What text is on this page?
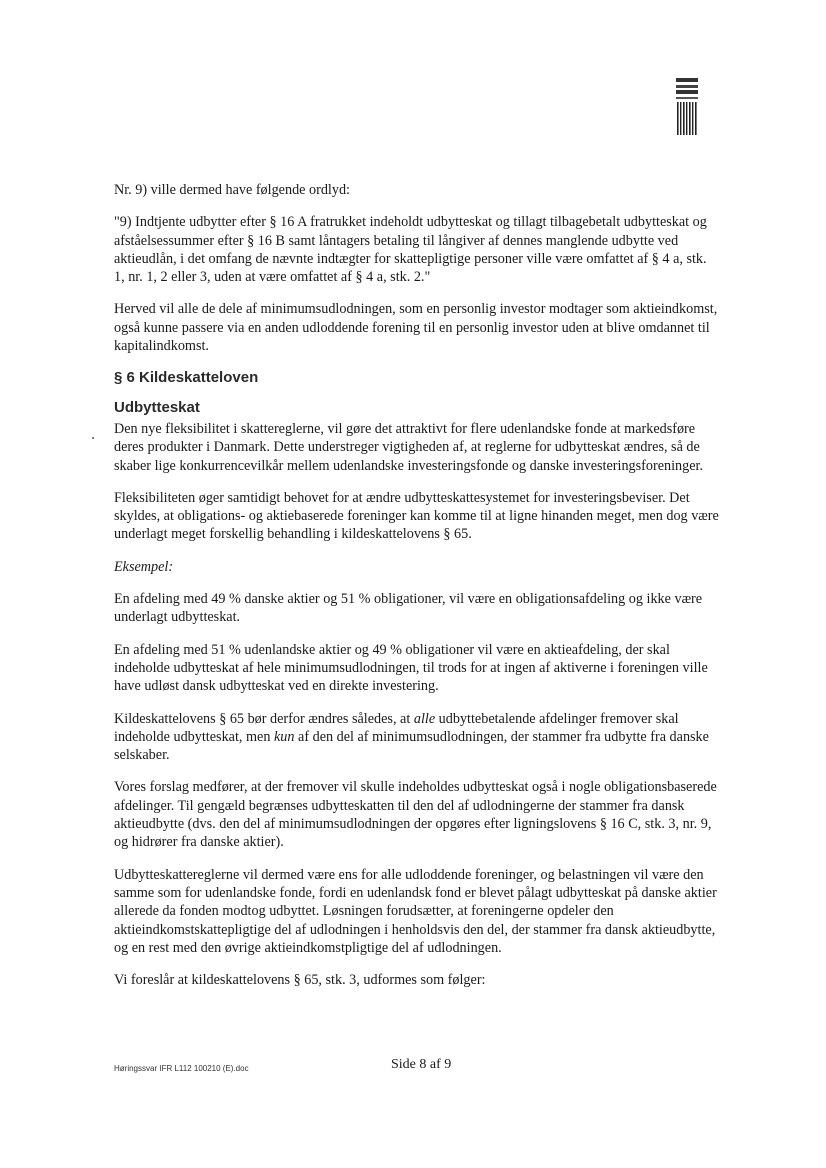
Nr. 9) ville dermed have følgende ordlyd:

"9) Indtjente udbytter efter § 16 A fratrukket indeholdt udbytteskat og tillagt tilbagebetalt udbytteskat og afståelsessummer efter § 16 B samt låntagers betaling til långiver af dennes manglende udbytte ved aktieudlån, i det omfang de nævnte indtægter for skattepligtige personer ville være omfattet af § 4 a, stk. 1, nr. 1, 2 eller 3, uden at være omfattet af § 4 a, stk. 2."

Herved vil alle de dele af minimumsudlodningen, som en personlig investor modtager som aktieindkomst, også kunne passere via en anden udloddende forening til en personlig investor uden at blive omdannet til kapitalindkomst.

§ 6 Kildeskatteloven
Udbytteskat

Den nye fleksibilitet i skattereglerne, vil gøre det attraktivt for flere udenlandske fonde at markedsføre deres produkter i Danmark. Dette understreger vigtigheden af, at reglerne for udbytteskat ændres, så de skaber lige konkurrencevilkår mellem udenlandske investeringsfonde og danske investeringsforeninger.

Fleksibiliteten øger samtidigt behovet for at ændre udbytteskattesystemet for investeringsbeviser. Det skyldes, at obligations- og aktiebaserede foreninger kan komme til at ligne hinanden meget, men dog være underlagt meget forskellig behandling i kildeskattelovens § 65.

Eksempel:

En afdeling med 49 % danske aktier og 51 % obligationer, vil være en obligationsafdeling og ikke være underlagt udbytteskat.

En afdeling med 51 % udenlandske aktier og 49 % obligationer vil være en aktieafdeling, der skal indeholde udbytteskat af hele minimumsudlodningen, til trods for at ingen af aktiverne i foreningen ville have udløst dansk udbytteskat ved en direkte investering.

Kildeskattelovens § 65 bør derfor ændres således, at alle udbyttebetalende afdelinger fremover skal indeholde udbytteskat, men kun af den del af minimumsudlodningen, der stammer fra udbytte fra danske selskaber.

Vores forslag medfører, at der fremover vil skulle indeholdes udbytteskat også i nogle obligationsbaserede afdelinger. Til gengæld begrænses udbytteskatten til den del af udlodningerne der stammer fra dansk aktieudbytte (dvs. den del af minimumsudlodningen der opgøres efter ligningslovens § 16 C, stk. 3, nr. 9, og hidrører fra danske aktier).

Udbytteskattereglerne vil dermed være ens for alle udloddende foreninger, og belastningen vil være den samme som for udenlandske fonde, fordi en udenlandsk fond er blevet pålagt udbytteskat på danske aktier allerede da fonden modtog udbyttet. Løsningen forudsætter, at foreningerne opdeler den aktieindkomstskattepligtige del af udlodningen i henholdsvis den del, der stammer fra dansk aktieudbytte, og en rest med den øvrige aktieindkomstpligtige del af udlodningen.

Vi foreslår at kildeskattelovens § 65, stk. 3, udformes som følger:

Høringssvar IFR L112 100210 (E).doc	Side 8 af 9
